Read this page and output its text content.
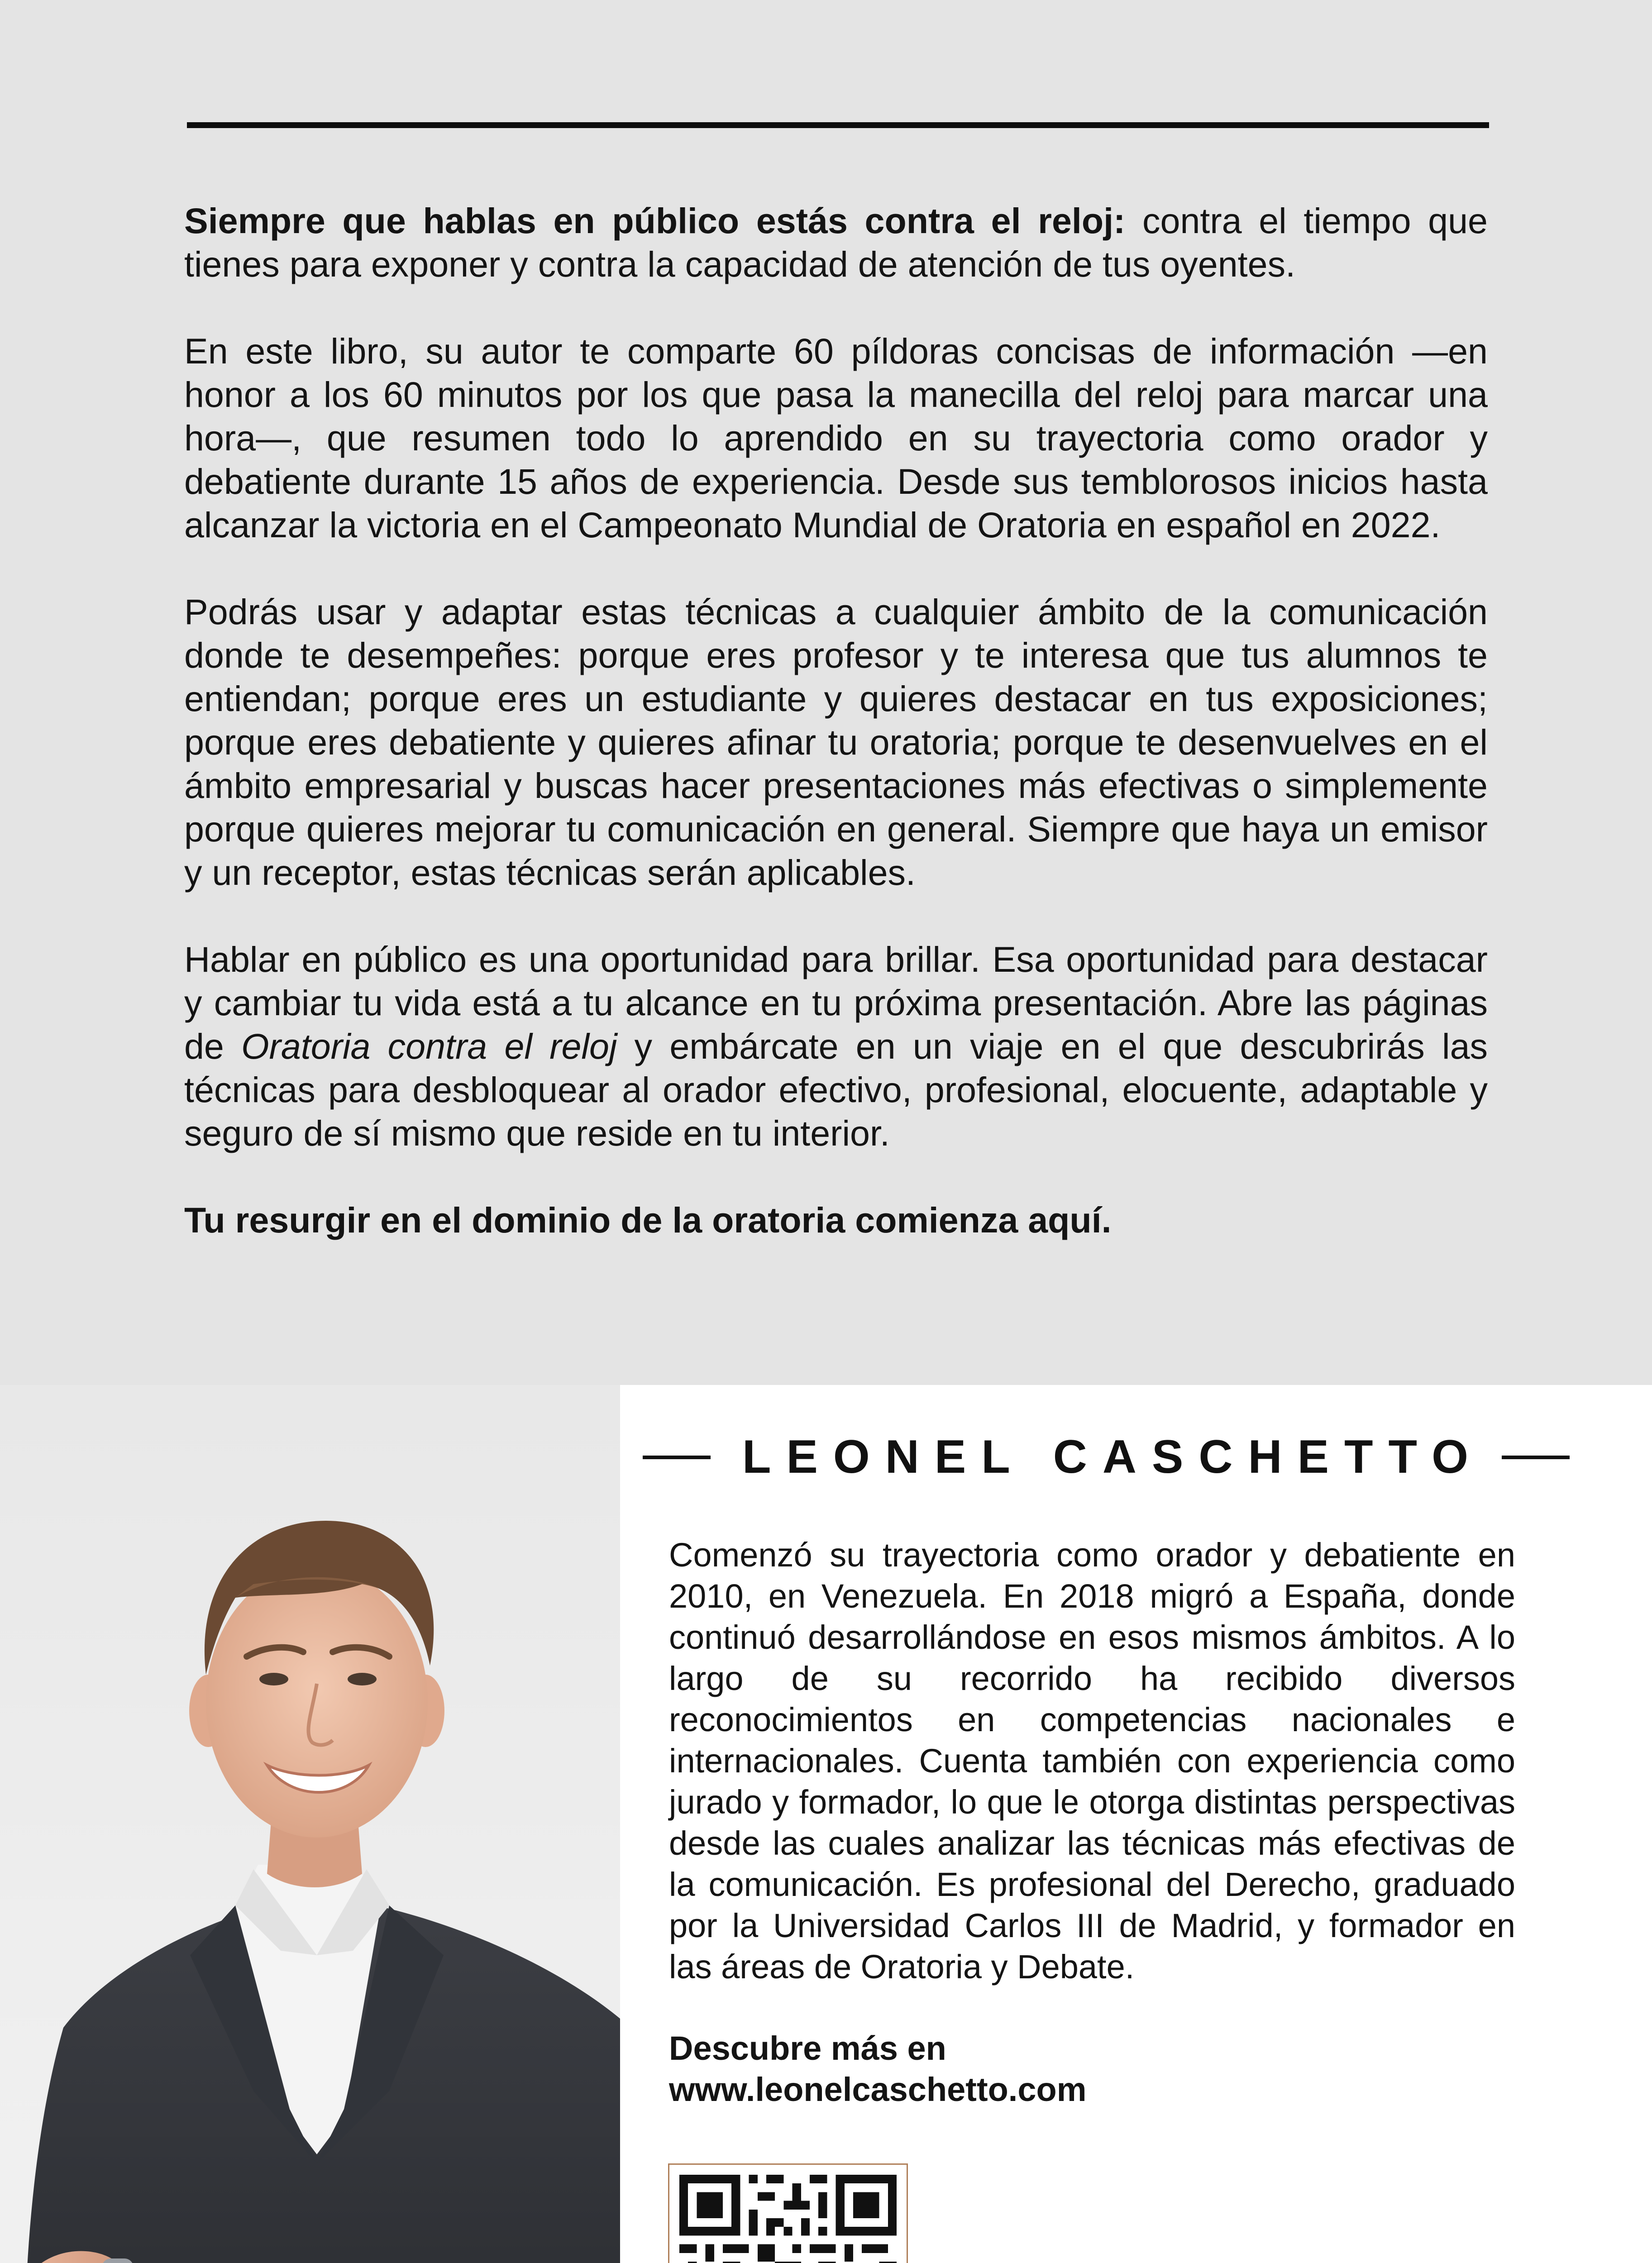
Siempre que hablas en público estás contra el reloj: contra el tiempo que tienes para exponer y contra la capacidad de atención de tus oyentes.

En este libro, su autor te comparte 60 píldoras concisas de información —en honor a los 60 minutos por los que pasa la manecilla del reloj para marcar una hora—, que resumen todo lo aprendido en su trayectoria como orador y debatiente durante 15 años de experiencia. Desde sus temblorosos inicios hasta alcanzar la victoria en el Campeonato Mundial de Oratoria en español en 2022.

Podrás usar y adaptar estas técnicas a cualquier ámbito de la comunicación donde te desempeñes: porque eres profesor y te interesa que tus alumnos te entiendan; porque eres un estudiante y quieres destacar en tus exposiciones; porque eres debatiente y quieres afinar tu oratoria; porque te desenvuelves en el ámbito empresarial y buscas hacer presentaciones más efectivas o simplemente porque quieres mejorar tu comunicación en general. Siempre que haya un emisor y un receptor, estas técnicas serán aplicables.

Hablar en público es una oportunidad para brillar. Esa oportunidad para destacar y cambiar tu vida está a tu alcance en tu próxima presentación. Abre las páginas de Oratoria contra el reloj y embárcate en un viaje en el que descubrirás las técnicas para desbloquear al orador efectivo, profesional, elocuente, adaptable y seguro de sí mismo que reside en tu interior.

Tu resurgir en el dominio de la oratoria comienza aquí.

LEONEL CASCHETTO

Comenzó su trayectoria como orador y debatiente en 2010, en Venezuela. En 2018 migró a España, donde continuó desarrollándose en esos mismos ámbitos. A lo largo de su recorrido ha recibido diversos reconocimientos en competencias nacionales e internacionales. Cuenta también con experiencia como jurado y formador, lo que le otorga distintas perspectivas desde las cuales analizar las técnicas más efectivas de la comunicación. Es profesional del Derecho, graduado por la Universidad Carlos III de Madrid, y formador en las áreas de Oratoria y Debate.

Descubre más en
www.leonelcaschetto.com
